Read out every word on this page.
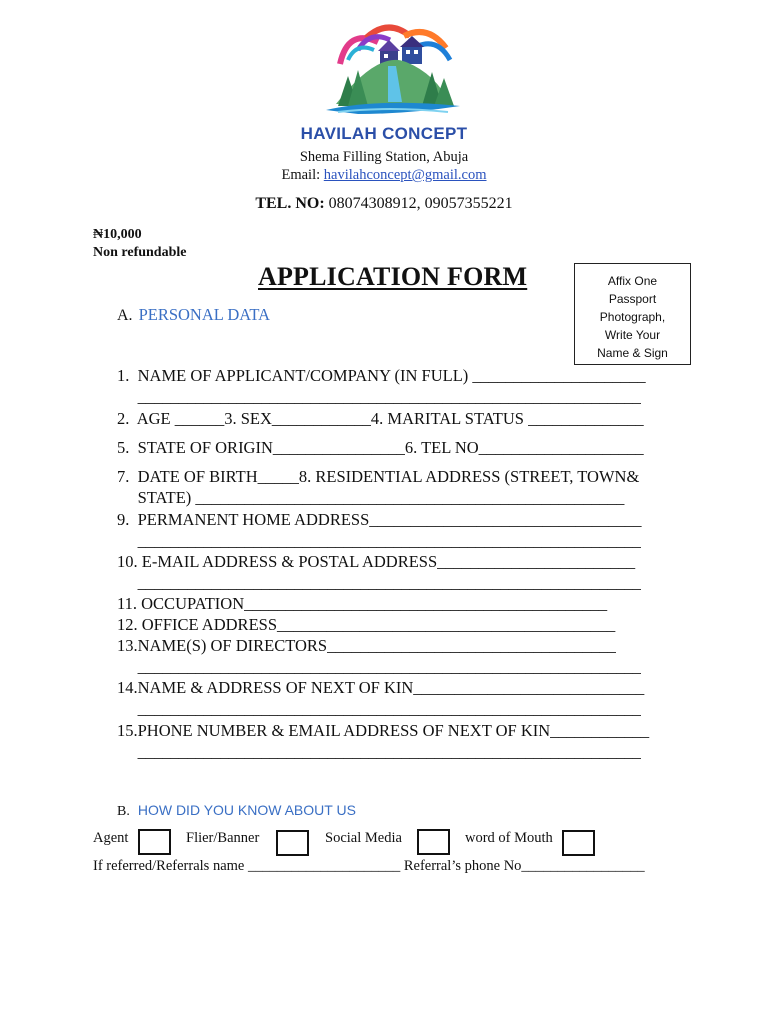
HAVILAH CONCEPT
Shema Filling Station, Abuja
Email: havilahconcept@gmail.com
TEL. NO: 08074308912, 09057355221
₦10,000
Non refundable
APPLICATION FORM	Affix One
Passport
Photograph,
Write Your
Name & Sign
A. PERSONAL DATA
1.  NAME OF APPLICANT/COMPANY (IN FULL) _____________________
_____________________________________________________________
2.  AGE ______3. SEX____________4. MARITAL STATUS ______________
5.  STATE OF ORIGIN________________6. TEL NO____________________
7.  DATE OF BIRTH_____8. RESIDENTIAL ADDRESS (STREET, TOWN&
STATE) ____________________________________________________
9.  PERMANENT HOME ADDRESS_________________________________
_____________________________________________________________
10. E-MAIL ADDRESS & POSTAL ADDRESS________________________
_____________________________________________________________
11. OCCUPATION____________________________________________
12. OFFICE ADDRESS_________________________________________
13.NAME(S) OF DIRECTORS___________________________________
_____________________________________________________________
14.NAME & ADDRESS OF NEXT OF KIN____________________________
_____________________________________________________________
15.PHONE NUMBER & EMAIL ADDRESS OF NEXT OF KIN____________
_____________________________________________________________
B. HOW DID YOU KNOW ABOUT US
Agent	Flier/Banner	Social Media	word of Mouth
If referred/Referrals name _____________________ Referral’s phone No_________________
